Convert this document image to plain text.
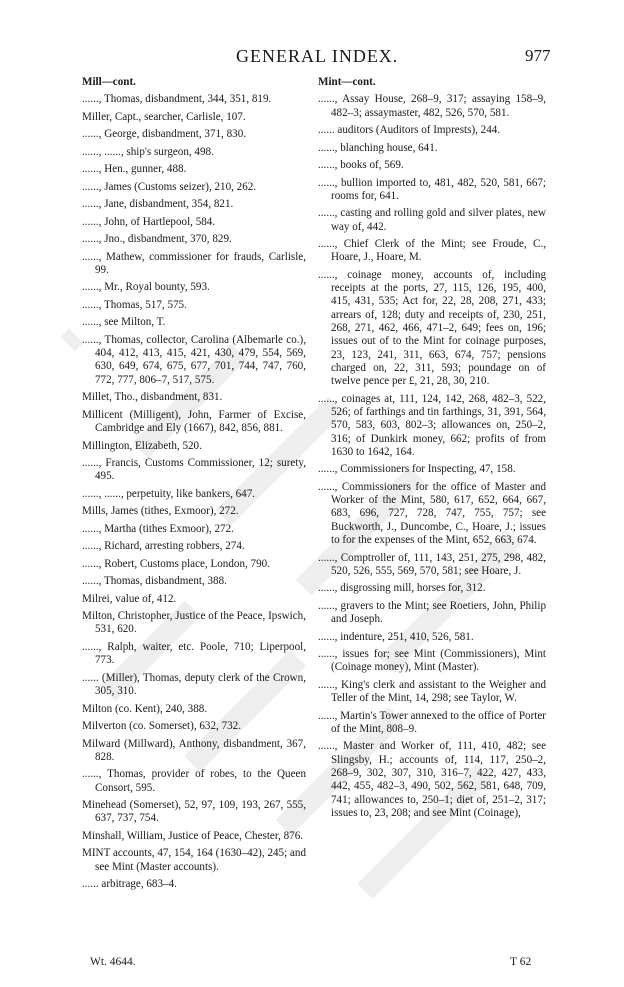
GENERAL INDEX.	977
Mill—cont.
......, Thomas, disbandment, 344, 351, 819.
Miller, Capt., searcher, Carlisle, 107.
......, George, disbandment, 371, 830.
......, ......, ship's surgeon, 498.
......, Hen., gunner, 488.
......, James (Customs seizer), 210, 262.
......, Jane, disbandment, 354, 821.
......, John, of Hartlepool, 584.
......, Jno., disbandment, 370, 829.
......, Mathew, commissioner for frauds, Carlisle, 99.
......, Mr., Royal bounty, 593.
......, Thomas, 517, 575.
......, see Milton, T.
......, Thomas, collector, Carolina (Albemarle co.), 404, 412, 413, 415, 421, 430, 479, 554, 569, 630, 649, 674, 675, 677, 701, 744, 747, 760, 772, 777, 806–7, 517, 575.
Millet, Tho., disbandment, 831.
Millicent (Milligent), John, Farmer of Excise, Cambridge and Ely (1667), 842, 856, 881.
Millington, Elizabeth, 520.
......, Francis, Customs Commissioner, 12; surety, 495.
......, ......, perpetuity, like bankers, 647.
Mills, James (tithes, Exmoor), 272.
......, Martha (tithes Exmoor), 272.
......, Richard, arresting robbers, 274.
......, Robert, Customs place, London, 790.
......, Thomas, disbandment, 388.
Milrei, value of, 412.
Milton, Christopher, Justice of the Peace, Ipswich, 531, 620.
......, Ralph, waiter, etc. Poole, 710; Liperpool, 773.
...... (Miller), Thomas, deputy clerk of the Crown, 305, 310.
Milton (co. Kent), 240, 388.
Milverton (co. Somerset), 632, 732.
Milward (Millward), Anthony, disbandment, 367, 828.
......, Thomas, provider of robes, to the Queen Consort, 595.
Minehead (Somerset), 52, 97, 109, 193, 267, 555, 637, 737, 754.
Minshall, William, Justice of Peace, Chester, 876.
MINT accounts, 47, 154, 164 (1630–42), 245; and see Mint (Master accounts).
...... arbitrage, 683–4.
Mint—cont.
......, Assay House, 268–9, 317; assaying 158–9, 482–3; assaymaster, 482, 526, 570, 581.
...... auditors (Auditors of Imprests), 244.
......, blanching house, 641.
......, books of, 569.
......, bullion imported to, 481, 482, 520, 581, 667; rooms for, 641.
......, casting and rolling gold and silver plates, new way of, 442.
......, Chief Clerk of the Mint; see Froude, C., Hoare, J., Hoare, M.
......, coinage money, accounts of, including receipts at the ports, 27, 115, 126, 195, 400, 415, 431, 535; Act for, 22, 28, 208, 271, 433; arrears of, 128; duty and receipts of, 230, 251, 268, 271, 462, 466, 471–2, 649; fees on, 196; issues out of to the Mint for coinage purposes, 23, 123, 241, 311, 663, 674, 757; pensions charged on, 22, 311, 593; poundage on of twelve pence per £, 21, 28, 30, 210.
......, coinages at, 111, 124, 142, 268, 482–3, 522, 526; of farthings and tin farthings, 31, 391, 564, 570, 583, 603, 802–3; allowances on, 250–2, 316; of Dunkirk money, 662; profits of from 1630 to 1642, 164.
......, Commissioners for Inspecting, 47, 158.
......, Commissioners for the office of Master and Worker of the Mint, 580, 617, 652, 664, 667, 683, 696, 727, 728, 747, 755, 757; see Buckworth, J., Duncombe, C., Hoare, J.; issues to for the expenses of the Mint, 652, 663, 674.
......, Comptroller of, 111, 143, 251, 275, 298, 482, 520, 526, 555, 569, 570, 581; see Hoare, J.
......, disgrossing mill, horses for, 312.
......, gravers to the Mint; see Roetiers, John, Philip and Joseph.
......, indenture, 251, 410, 526, 581.
......, issues for; see Mint (Commissioners), Mint (Coinage money), Mint (Master).
......, King's clerk and assistant to the Weigher and Teller of the Mint, 14, 298; see Taylor, W.
......, Martin's Tower annexed to the office of Porter of the Mint, 808–9.
......, Master and Worker of, 111, 410, 482; see Slingsby, H.; accounts of, 114, 117, 250–2, 268–9, 302, 307, 310, 316–7, 422, 427, 433, 442, 455, 482–3, 490, 502, 562, 581, 648, 709, 741; allowances to, 250–1; diet of, 251–2, 317; issues to, 23, 208; and see Mint (Coinage),
Wt. 4644.	T 62
